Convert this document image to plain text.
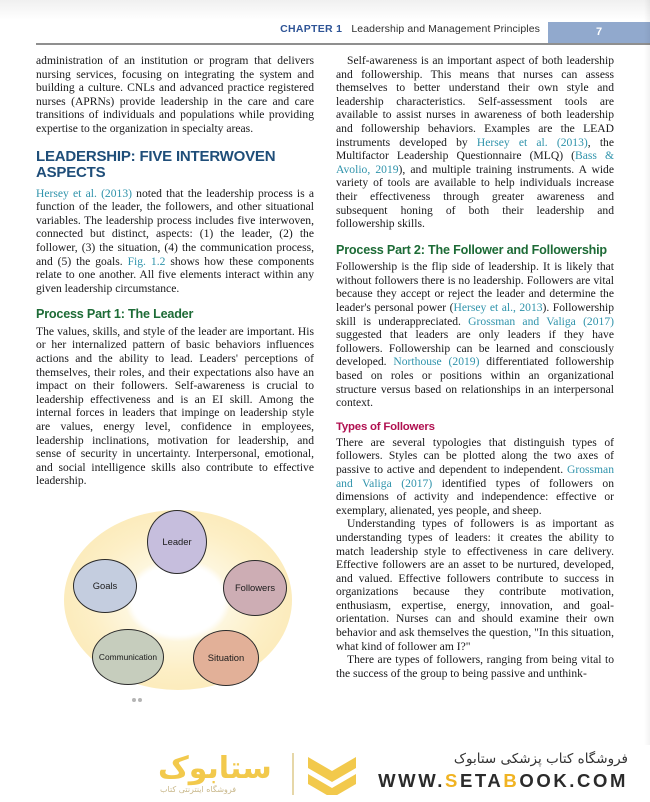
CHAPTER 1 Leadership and Management Principles	7

administration of an institution or program that delivers nursing services, focusing on integrating the system and building a culture. CNLs and advanced practice registered nurses (APRNs) provide leadership in the care and care transitions of individuals and populations while providing expertise to the organization in specialty areas.

LEADERSHIP: FIVE INTERWOVEN ASPECTS

Hersey et al. (2013) noted that the leadership process is a function of the leader, the followers, and other situational variables. The leadership process includes five interwoven, connected but distinct, aspects: (1) the leader, (2) the follower, (3) the situation, (4) the communication process, and (5) the goals. Fig. 1.2 shows how these components relate to one another. All five elements interact within any given leadership circumstance.

Process Part 1: The Leader

The values, skills, and style of the leader are important. His or her internalized pattern of basic behaviors influences actions and the ability to lead. Leaders' perceptions of themselves, their roles, and their expectations also have an impact on their followers. Self-awareness is crucial to leadership effectiveness and is an EI skill. Among the internal forces in leaders that impinge on leadership style are values, energy level, confidence in employees, leadership inclinations, motivation for leadership, and sense of security in uncertainty. Interpersonal, emotional, and social intelligence skills also contribute to effective leadership.

Leader
Followers
Situation
Communication
Goals

Self-awareness is an important aspect of both leadership and followership. This means that nurses can assess themselves to better understand their own style and leadership characteristics. Self-assessment tools are available to assist nurses in awareness of both leadership and followership behaviors. Examples are the LEAD instruments developed by Hersey et al. (2013), the Multifactor Leadership Questionnaire (MLQ) (Bass & Avolio, 2019), and multiple training instruments. A wide variety of tools are available to help individuals increase their effectiveness through greater awareness and subsequent honing of both their leadership and followership skills.

Process Part 2: The Follower and Followership

Followership is the flip side of leadership. It is likely that without followers there is no leadership. Followers are vital because they accept or reject the leader and determine the leader's personal power (Hersey et al., 2013). Followership skill is underappreciated. Grossman and Valiga (2017) suggested that leaders are only leaders if they have followers. Followership can be learned and consciously developed. Northouse (2019) differentiated followership based on roles or positions within an organizational structure versus based on relationships in an interpersonal context.

Types of Followers

There are several typologies that distinguish types of followers. Styles can be plotted along the two axes of passive to active and dependent to independent. Grossman and Valiga (2017) identified types of followers on dimensions of activity and independence: effective or exemplary, alienated, yes people, and sheep.

Understanding types of followers is as important as understanding types of leaders: it creates the ability to match leadership style to effectiveness in care delivery. Effective followers are an asset to be nurtured, developed, and valued. Effective followers contribute to success in organizations because they contribute motivation, enthusiasm, expertise, energy, innovation, and goal-orientation. Nurses can and should examine their own behavior and ask themselves the question, "In this situation, what kind of follower am I?"

There are types of followers, ranging from being vital to the success of the group to being passive and unthink-

ستابوک
فروشگاه اینترنتی کتاب
فروشگاه کتاب پزشکی ستابوک
WWW.SETABOOK.COM
